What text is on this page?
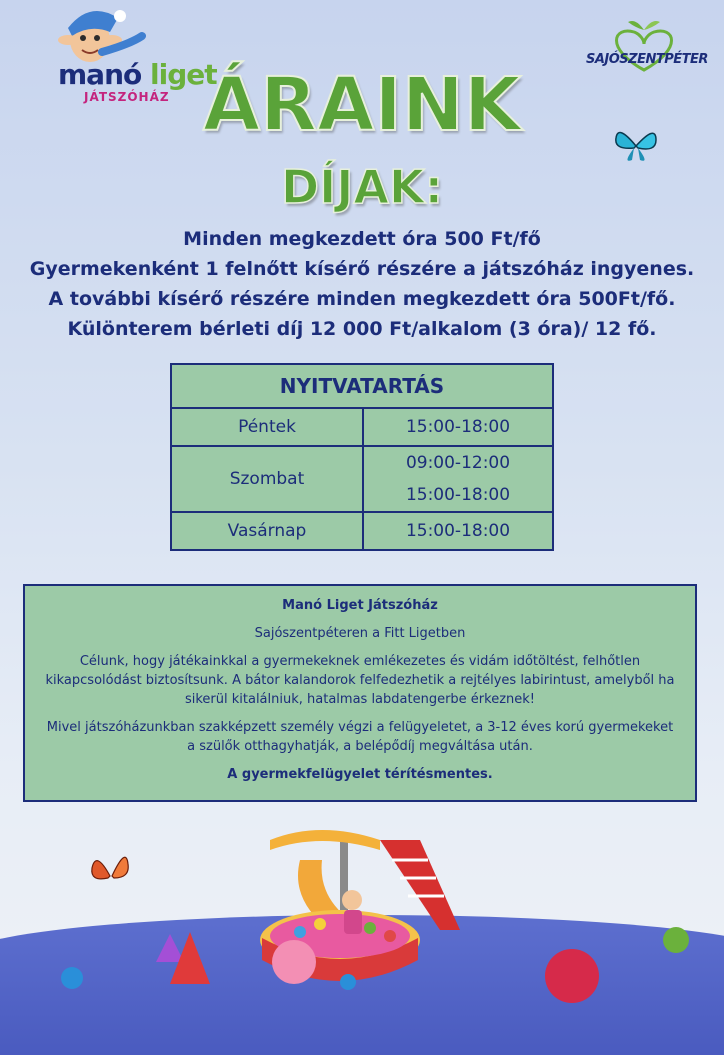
manó liget
JÁTSZÓHÁZ
SAJÓSZENTPÉTER
ÁRAINK
DÍJAK:
Minden megkezdett óra 500 Ft/fő
Gyermekenként 1 felnőtt kísérő részére a játszóház ingyenes.
A további kísérő részére minden megkezdett óra 500Ft/fő.
Különterem bérleti díj 12 000 Ft/alkalom (3 óra)/ 12 fő.
NYITVATARTÁS	
Péntek	15:00-18:00

Szombat	09:00-12:00
15:00-18:00

Vasárnap	15:00-18:00

Manó Liget Játszóház

Sajószentpéteren a Fitt Ligetben

Célunk, hogy játékainkkal a gyermekeknek emlékezetes és vidám időtöltést, felhőtlen kikapcsolódást biztosítsunk. A bátor kalandorok felfedezhetik a rejtélyes labirintust, amelyből ha sikerül kitalálniuk, hatalmas labdatengerbe érkeznek!

Mivel játszóházunkban szakképzett személy végzi a felügyeletet, a 3-12 éves korú gyermekeket a szülők otthagyhatják, a belépődíj megváltása után.

A gyermekfelügyelet térítésmentes.
